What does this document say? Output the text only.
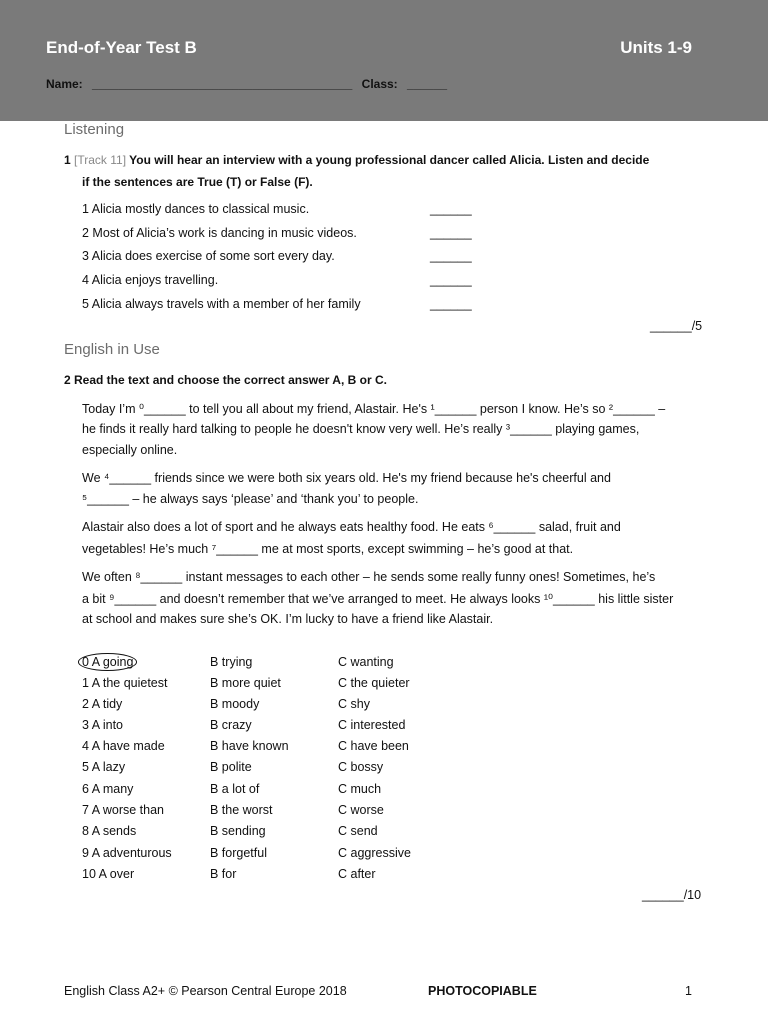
End-of-Year Test B	Units 1-9
Name: _______________________________________ Class: ______
Listening
1 [Track 11] You will hear an interview with a young professional dancer called Alicia. Listen and decide
if the sentences are True (T) or False (F).
1 Alicia mostly dances to classical music.	______
2 Most of Alicia’s work is dancing in music videos.	______
3 Alicia does exercise of some sort every day.	______
4 Alicia enjoys travelling.	______
5 Alicia always travels with a member of her family	______
______/5
English in Use
2 Read the text and choose the correct answer A, B or C.
Today I’m ⁰______ to tell you all about my friend, Alastair. He's ¹______ person I know. He’s so ²______ –
he finds it really hard talking to people he doesn't know very well. He’s really ³______ playing games,
especially online.
We ⁴______ friends since we were both six years old. He's my friend because he's cheerful and
⁵______ – he always says ‘please’ and ‘thank you’ to people.
Alastair also does a lot of sport and he always eats healthy food. He eats ⁶______ salad, fruit and
vegetables! He’s much ⁷______ me at most sports, except swimming – he’s good at that.
We often ⁸______ instant messages to each other – he sends some really funny ones! Sometimes, he’s
a bit ⁹______ and doesn’t remember that we’ve arranged to meet. He always looks ¹⁰______ his little sister
at school and makes sure she’s OK. I’m lucky to have a friend like Alastair.
0 A going	B trying	C wanting
1 A the quietest	B more quiet	C the quieter
2 A tidy	B moody	C shy
3 A into	B crazy	C interested
4 A have made	B have known	C have been
5 A lazy	B polite	C bossy
6 A many	B a lot of	C much
7 A worse than	B the worst	C worse
8 A sends	B sending	C send
9 A adventurous	B forgetful	C aggressive
10 A over	B for	C after
______/10
English Class A2+ © Pearson Central Europe 2018	PHOTOCOPIABLE	1
